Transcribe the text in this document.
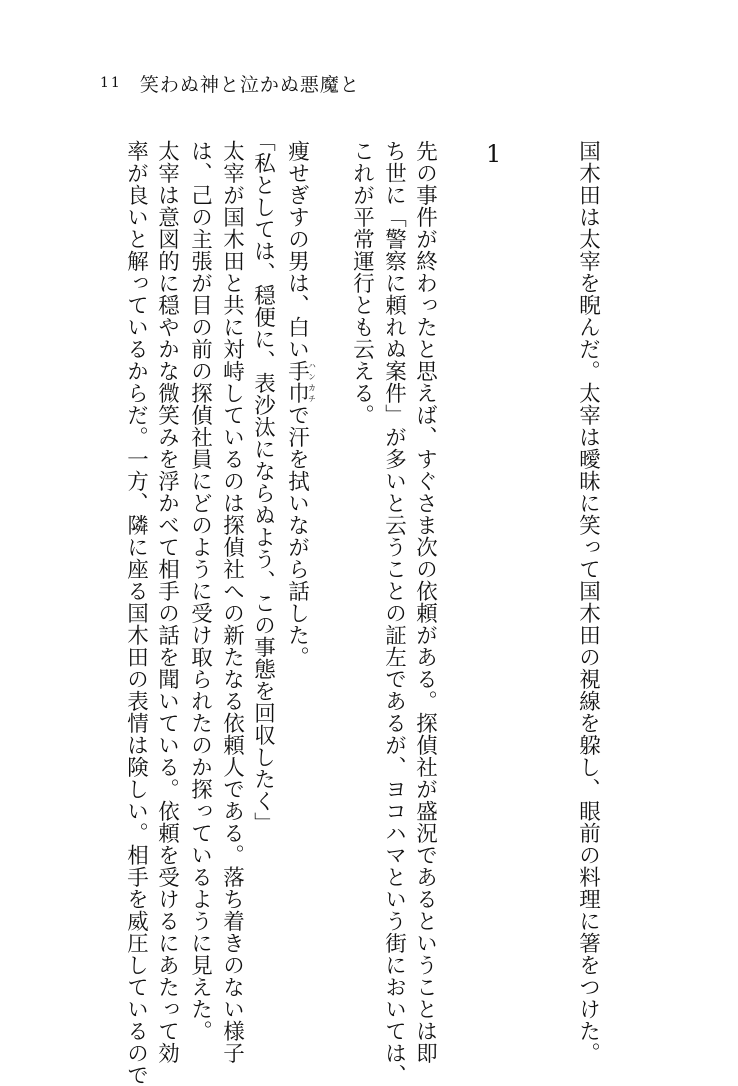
11 笑わぬ神と泣かぬ悪魔と
1	国木田は太宰を睨んだ。太宰は曖昧に笑って国木田の視線を躱し、眼前の料理に箸をつけた。
先の事件が終わったと思えば、すぐさま次の依頼がある。探偵社が盛況であるということは即
ち世に「警察に頼れぬ案件」が多いと云うことの証左であるが、ヨコハマという街においては、
これが平常運行とも云える。
痩せぎすの男は、白い手巾ハンカチで汗を拭いながら話した。
「私としては、穏便に、表沙汰にならぬよう、この事態を回収したく」
太宰が国木田と共に対峙しているのは探偵社への新たなる依頼人である。落ち着きのない様子
は、己の主張が目の前の探偵社員にどのように受け取られたのか探っているように見えた。
太宰は意図的に穏やかな微笑みを浮かべて相手の話を聞いている。依頼を受けるにあたって効
率が良いと解っているからだ。一方、隣に座る国木田の表情は険しい。相手を威圧しているので
